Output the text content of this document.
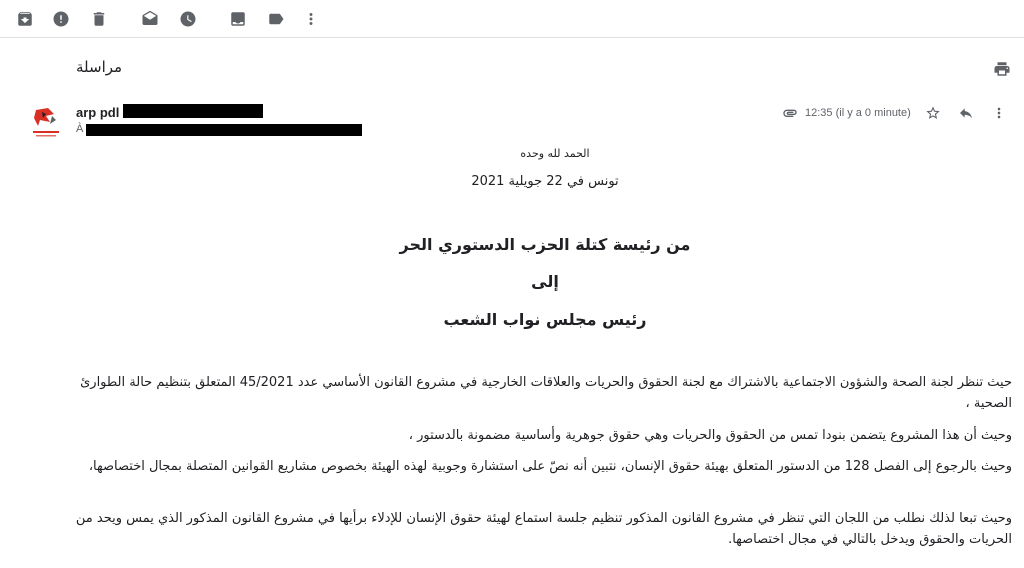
مراسلة
arp pdl
À
12:35 (il y a 0 minute)
الحمد لله وحده
تونس في 22 جويلية 2021
من رئيسة كتلة الحزب الدستوري الحر
إلى
رئيس مجلس نواب الشعب
حيث تنظر لجنة الصحة والشؤون الاجتماعية بالاشتراك مع لجنة الحقوق والحريات والعلاقات الخارجية في مشروع القانون الأساسي عدد 45/2021 المتعلق بتنظيم حالة الطوارئ الصحية ،
وحيث أن هذا المشروع يتضمن بنودا تمس من الحقوق والحريات وهي حقوق جوهرية وأساسية مضمونة بالدستور ،
وحيث بالرجوع إلى الفصل 128 من الدستور المتعلق بهيئة حقوق الإنسان، نتبين أنه نصّ على استشارة وجوبية لهذه الهيئة بخصوص مشاريع القوانين المتصلة بمجال اختصاصها،
وحيث تبعا لذلك نطلب من اللجان التي تنظر في مشروع القانون المذكور تنظيم جلسة استماع لهيئة حقوق الإنسان للإدلاء برأيها في مشروع القانون المذكور الذي يمس ويحد من الحريات والحقوق ويدخل بالتالي في مجال اختصاصها.
